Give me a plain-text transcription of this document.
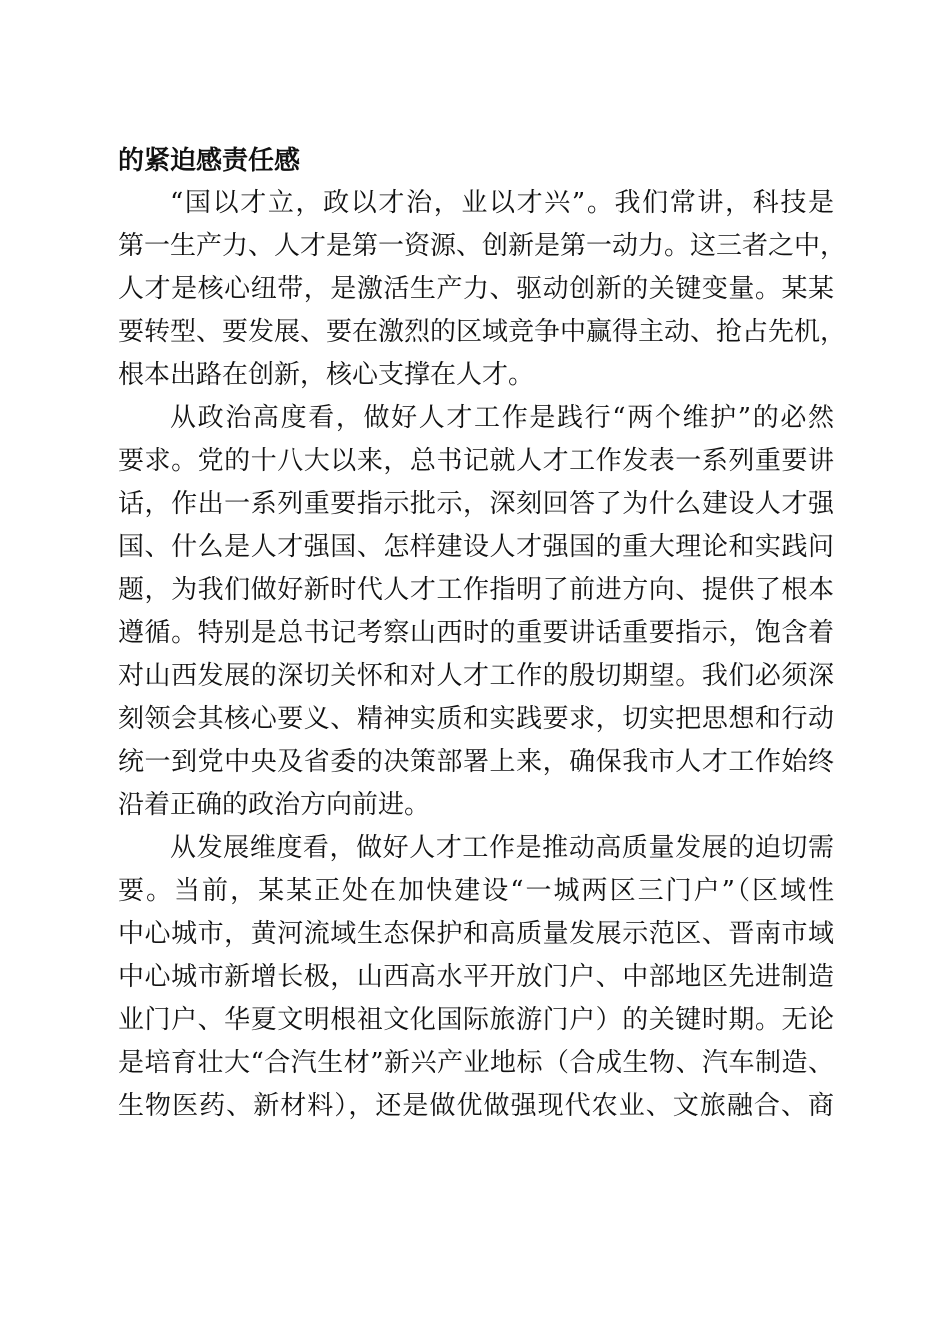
的紧迫感责任感
“国以才立，政以才治，业以才兴”。我们常讲，科技是
第一生产力、人才是第一资源、创新是第一动力。这三者之中，
人才是核心纽带，是激活生产力、驱动创新的关键变量。某某
要转型、要发展、要在激烈的区域竞争中赢得主动、抢占先机，
根本出路在创新，核心支撑在人才。
从政治高度看，做好人才工作是践行“两个维护”的必然
要求。党的十八大以来，总书记就人才工作发表一系列重要讲
话，作出一系列重要指示批示，深刻回答了为什么建设人才强
国、什么是人才强国、怎样建设人才强国的重大理论和实践问
题，为我们做好新时代人才工作指明了前进方向、提供了根本
遵循。特别是总书记考察山西时的重要讲话重要指示，饱含着
对山西发展的深切关怀和对人才工作的殷切期望。我们必须深
刻领会其核心要义、精神实质和实践要求，切实把思想和行动
统一到党中央及省委的决策部署上来，确保我市人才工作始终
沿着正确的政治方向前进。
从发展维度看，做好人才工作是推动高质量发展的迫切需
要。当前，某某正处在加快建设“一城两区三门户”（区域性
中心城市，黄河流域生态保护和高质量发展示范区、晋南市域
中心城市新增长极，山西高水平开放门户、中部地区先进制造
业门户、华夏文明根祖文化国际旅游门户）的关键时期。无论
是培育壮大“合汽生材”新兴产业地标（合成生物、汽车制造、
生物医药、新材料），还是做优做强现代农业、文旅融合、商
